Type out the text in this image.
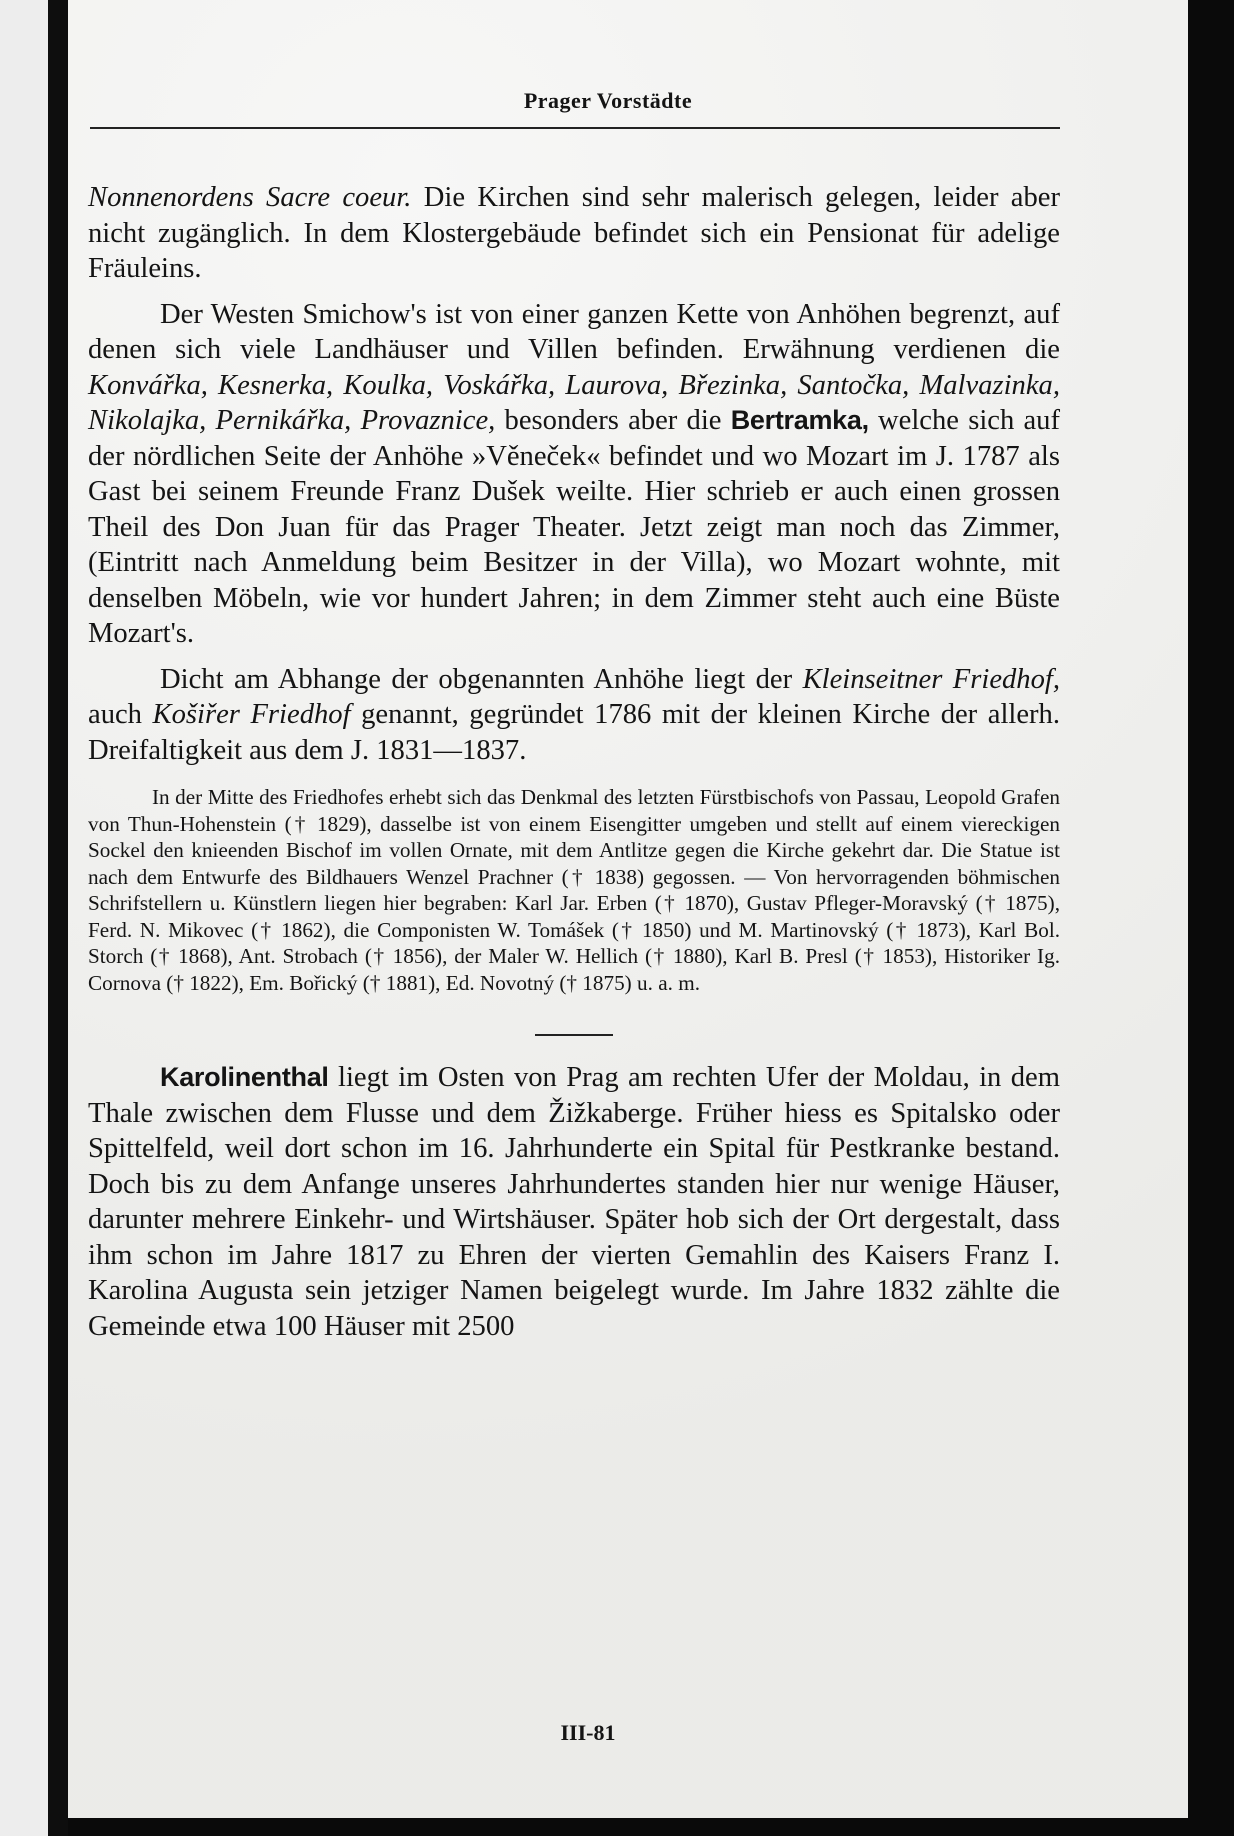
Prager Vorstädte

Nonnenordens Sacre coeur. Die Kirchen sind sehr malerisch gelegen, leider aber nicht zugänglich. In dem Klostergebäude befindet sich ein Pensionat für adelige Fräuleins.

Der Westen Smichow's ist von einer ganzen Kette von Anhöhen begrenzt, auf denen sich viele Landhäuser und Villen befinden. Erwähnung verdienen die Konvářka, Kesnerka, Koulka, Voskářka, Laurova, Březinka, Santočka, Malvazinka, Nikolajka, Pernikářka, Provaznice, besonders aber die Bertramka, welche sich auf der nördlichen Seite der Anhöhe »Věneček« befindet und wo Mozart im J. 1787 als Gast bei seinem Freunde Franz Dušek weilte. Hier schrieb er auch einen grossen Theil des Don Juan für das Prager Theater. Jetzt zeigt man noch das Zimmer, (Eintritt nach Anmeldung beim Besitzer in der Villa), wo Mozart wohnte, mit denselben Möbeln, wie vor hundert Jahren; in dem Zimmer steht auch eine Büste Mozart's.

Dicht am Abhange der obgenannten Anhöhe liegt der Kleinseitner Friedhof, auch Košiřer Friedhof genannt, gegründet 1786 mit der kleinen Kirche der allerh. Dreifaltigkeit aus dem J. 1831—1837.

In der Mitte des Friedhofes erhebt sich das Denkmal des letzten Fürstbischofs von Passau, Leopold Grafen von Thun-Hohenstein († 1829), dasselbe ist von einem Eisengitter umgeben und stellt auf einem viereckigen Sockel den knieenden Bischof im vollen Ornate, mit dem Antlitze gegen die Kirche gekehrt dar. Die Statue ist nach dem Entwurfe des Bildhauers Wenzel Prachner († 1838) gegossen. — Von hervorragenden böhmischen Schrifstellern u. Künstlern liegen hier begraben: Karl Jar. Erben († 1870), Gustav Pfleger-Moravský († 1875), Ferd. N. Mikovec († 1862), die Componisten W. Tomášek († 1850) und M. Martinovský († 1873), Karl Bol. Storch († 1868), Ant. Strobach († 1856), der Maler W. Hellich († 1880), Karl B. Presl († 1853), Historiker Ig. Cornova († 1822), Em. Bořický († 1881), Ed. Novotný († 1875) u. a. m.

Karolinenthal liegt im Osten von Prag am rechten Ufer der Moldau, in dem Thale zwischen dem Flusse und dem Žižkaberge. Früher hiess es Spitalsko oder Spittelfeld, weil dort schon im 16. Jahrhunderte ein Spital für Pestkranke bestand. Doch bis zu dem Anfange unseres Jahrhundertes standen hier nur wenige Häuser, darunter mehrere Einkehr- und Wirtshäuser. Später hob sich der Ort dergestalt, dass ihm schon im Jahre 1817 zu Ehren der vierten Gemahlin des Kaisers Franz I. Karolina Augusta sein jetziger Namen beigelegt wurde. Im Jahre 1832 zählte die Gemeinde etwa 100 Häuser mit 2500

III-81
